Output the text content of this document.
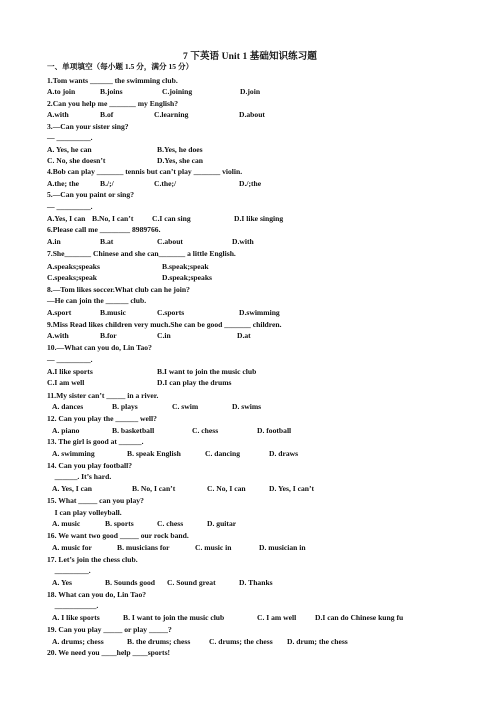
7 下英语 Unit 1 基础知识练习题
一、单项填空（每小题 1.5 分，满分 15 分）
1.Tom wants ______ the swimming club.
2.Can you help me _______ my English?
3.—Can your sister sing?
— _________.
4.Bob can play _______ tennis but can’t play _______ violin.
5.—Can you paint or sing?
— _________.
6.Please call me ________ 8989766.
7.She_______ Chinese and she can_______ a little English.
8.—Tom likes soccer.What club can he join?
—He can join the ______ club.
9.Miss Read likes children very much.She can be good _______ children.
10.—What can you do, Lin Tao?
— _________.
11.My sister can’t _____ in a river.
12. Can you play the ______ well?
13. The girl is good at ______.
14. Can you play football?
______. It’s hard.
15. What _____ can you play?
I can play volleyball.
16. We want two good _____ our rock band.
17. Let’s join the chess club.
_________.
18. What can you do, Lin Tao?
___________.
19. Can you play _____ or play _____?
20. We need you ____help ____sports!
A.to join	B.joins	C.joining	D.join
A.with	B.of	C.learning	D.about
A. Yes, he can	B.Yes, he does
C. No, she doesn’t	D.Yes, she can
A.the; the	B./;/	C.the;/	D./;the
A.Yes, I can B.No, I can’t C.I can sing	D.I like singing
A.in	B.at	C.about	D.with
A.speaks;speaks	B.speak;speak
C.speaks;speak	D.speak;speaks
A.sport	B.music	C.sports	D.swimming
A.with	B.for	C.in	D.at
A.I like sports	B.I want to join the music club
C.I am well	D.I can play the drums
A. dances	B. plays	C. swim	D. swims
A. piano	B. basketball	C. chess	D. football
A. swimming	B. speak English	C. dancing	D. draws
A. Yes, I can	B. No, I can’t	C. No, I can	D. Yes, I can’t
A. music	B. sports	C. chess	D. guitar
A. music for	B. musicians for	C. music in	D. musician in
A. Yes	B. Sounds good C. Sound great	D. Thanks
A. I like sports	B. I want to join the music club	C. I am well D.I can do Chinese kung fu
A. drums; chess	B. the drums; chess C. drums; the chess D. drum; the chess
